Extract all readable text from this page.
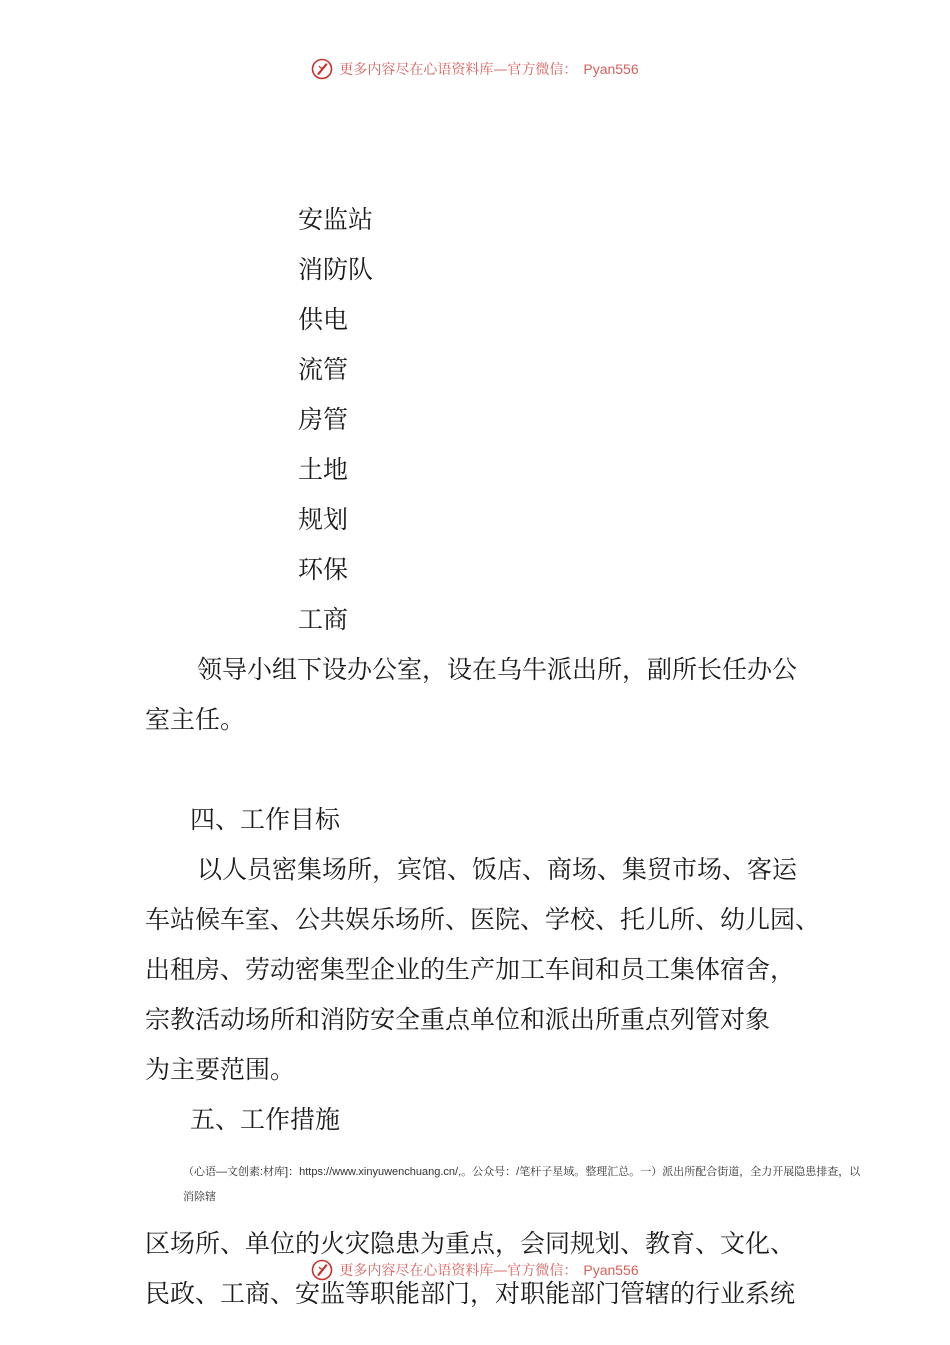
更多内容尽在心语资料库—官方微信： Pyan556
安监站
消防队
供电
流管
房管
土地
规划
环保
工商
领导小组下设办公室，设在乌牛派出所，副所长任办公
室主任。
四、工作目标
以人员密集场所，宾馆、饭店、商场、集贸市场、客运
车站候车室、公共娱乐场所、医院、学校、托儿所、幼儿园、
出租房、劳动密集型企业的生产加工车间和员工集体宿舍，
宗教活动场所和消防安全重点单位和派出所重点列管对象
为主要范围。
五、工作措施
（心语—文创素:材库]：https://www.xinyuwenchuang.cn/,。公众号：/笔杆子星域。整理汇总。一）派出所配合街道，全力开展隐患排查，以
消除辖
区场所、单位的火灾隐患为重点，会同规划、教育、文化、
更多内容尽在心语资料库—官方微信： Pyan556
民政、工商、安监等职能部门，对职能部门管辖的行业系统
